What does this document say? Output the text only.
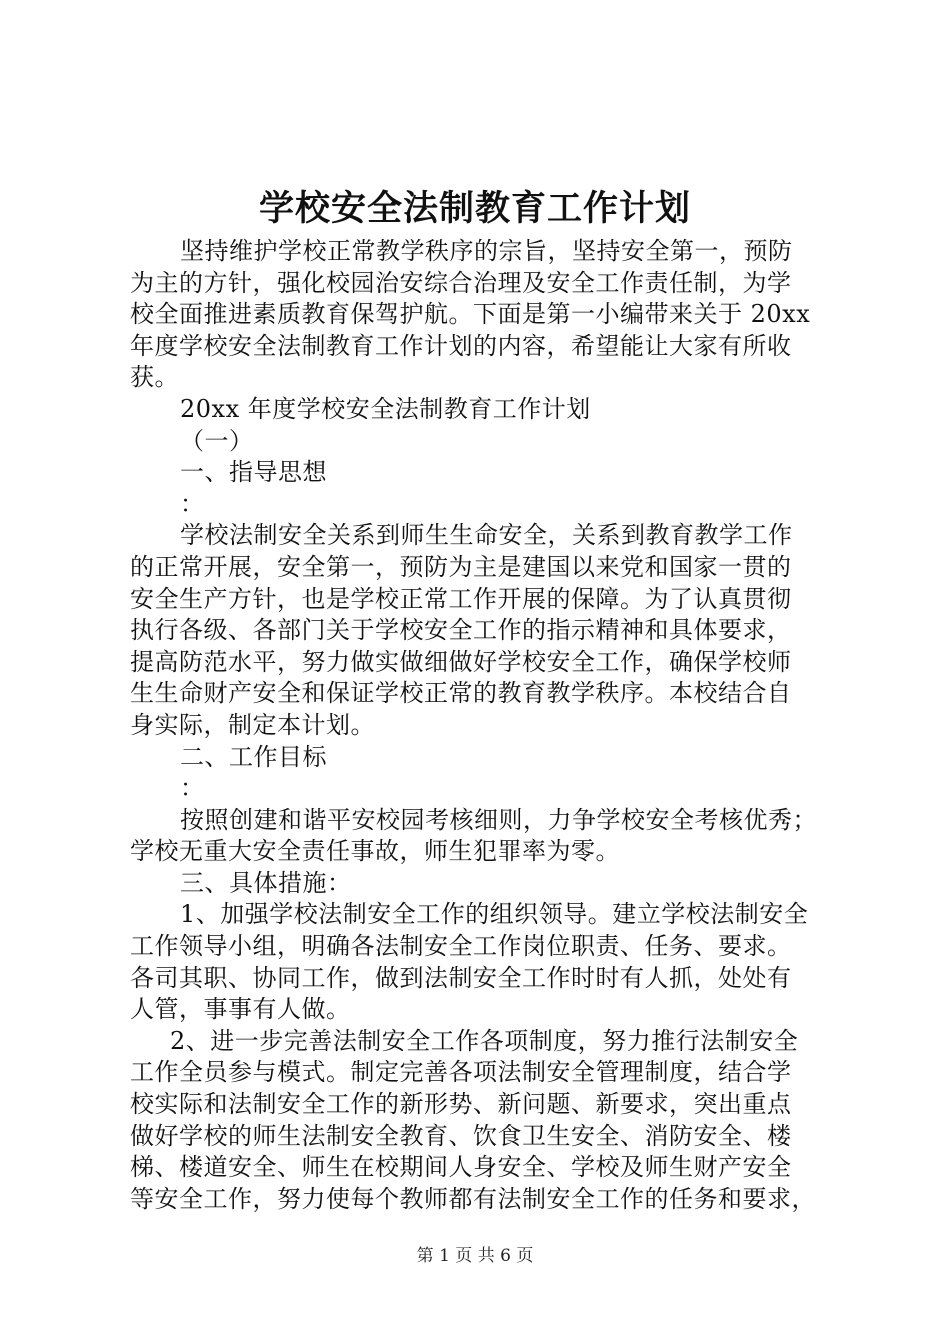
学校安全法制教育工作计划

坚持维护学校正常教学秩序的宗旨，坚持安全第一，预防
为主的方针，强化校园治安综合治理及安全工作责任制，为学
校全面推进素质教育保驾护航。下面是第一小编带来关于 20xx
年度学校安全法制教育工作计划的内容，希望能让大家有所收
获。

20xx 年度学校安全法制教育工作计划

（一）

一、指导思想

：

学校法制安全关系到师生生命安全，关系到教育教学工作
的正常开展，安全第一，预防为主是建国以来党和国家一贯的
安全生产方针，也是学校正常工作开展的保障。为了认真贯彻
执行各级、各部门关于学校安全工作的指示精神和具体要求，
提高防范水平，努力做实做细做好学校安全工作，确保学校师
生生命财产安全和保证学校正常的教育教学秩序。本校结合自
身实际，制定本计划。

二、工作目标

：

按照创建和谐平安校园考核细则，力争学校安全考核优秀；
学校无重大安全责任事故，师生犯罪率为零。

三、具体措施：

1、加强学校法制安全工作的组织领导。建立学校法制安全
工作领导小组，明确各法制安全工作岗位职责、任务、要求。
各司其职、协同工作，做到法制安全工作时时有人抓，处处有
人管，事事有人做。

2、进一步完善法制安全工作各项制度，努力推行法制安全
工作全员参与模式。制定完善各项法制安全管理制度，结合学
校实际和法制安全工作的新形势、新问题、新要求，突出重点
做好学校的师生法制安全教育、饮食卫生安全、消防安全、楼
梯、楼道安全、师生在校期间人身安全、学校及师生财产安全
等安全工作，努力使每个教师都有法制安全工作的任务和要求，

第 1 页 共 6 页
